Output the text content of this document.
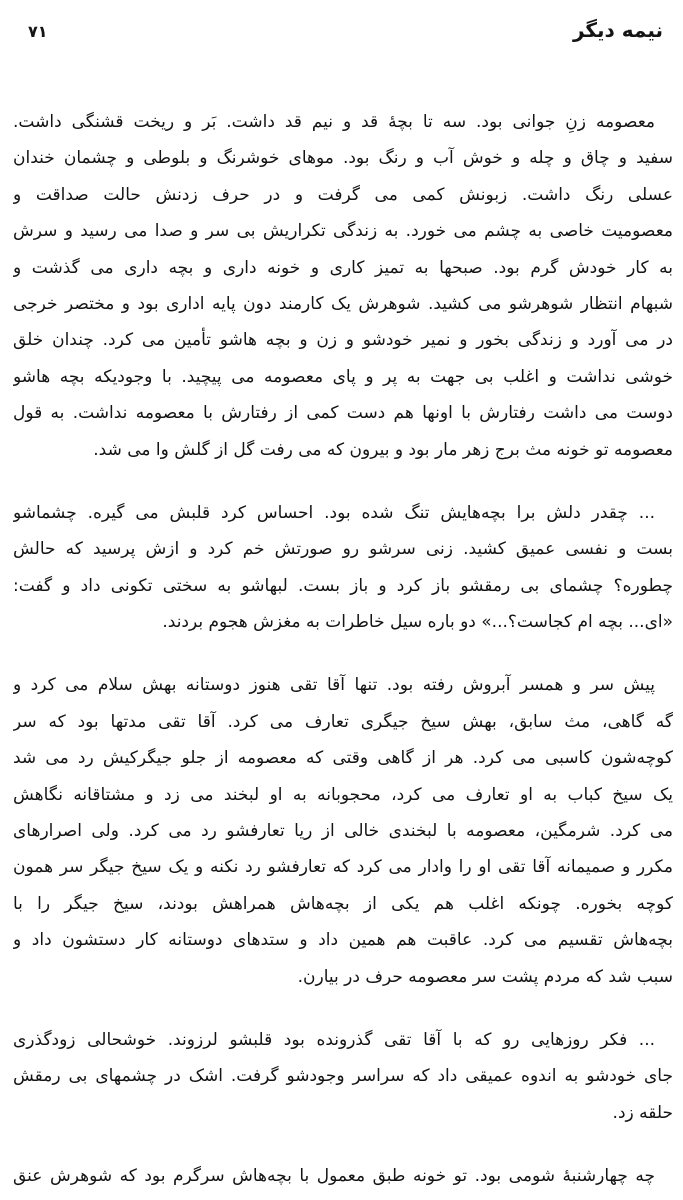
نیمه دیگر
۷۱
معصومه زنِ جوانی بود. سه تا بچهٔ قد و نیم قد داشت. بَر و ریخت قشنگی داشت.
سفید و چاق و چله و خوش آب و رنگ بود. موهای خوشرنگ و بلوطی و چشمان خندان
عسلی رنگ داشت. زبونش کمی می گرفت و در حرف زدنش حالت صداقت و
معصومیت خاصی به چشم می خورد. به زندگی تکراریش بی سر و صدا می رسید و سرش
به کار خودش گرم بود. صبحها به تمیز کاری و خونه داری و بچه داری می گذشت و
شبهام انتظار شوهرشو می کشید. شوهرش یک کارمند دون پایه اداری بود و مختصر خرجی
در می آورد و زندگی بخور و نمیر خودشو و زن و بچه هاشو تأمین می کرد. چندان خلق
خوشی نداشت و اغلب بی جهت به پر و پای معصومه می پیچید. با وجودیکه بچه هاشو
دوست می داشت رفتارش با اونها هم دست کمی از رفتارش با معصومه نداشت. به قول
معصومه تو خونه مث برج زهر مار بود و بیرون که می رفت گل از گلش وا می شد.
... چقدر دلش برا بچه‌هایش تنگ شده بود. احساس کرد قلبش می گیره. چشماشو
بست و نفسی عمیق کشید. زنی سرشو رو صورتش خم کرد و ازش پرسید که حالش
چطوره؟ چشمای بی رمقشو باز کرد و باز بست. لبهاشو به سختی تکونی داد و گفت:
«ای... بچه ام کجاست؟...» دو باره سیل خاطرات به مغزش هجوم بردند.
پیش سر و همسر آبروش رفته بود. تنها آقا تقی هنوز دوستانه بهش سلام می کرد و
گه گاهی، مث سابق، بهش سیخ جیگری تعارف می کرد. آقا تقی مدتها بود که سر
کوچه‌شون کاسبی می کرد. هر از گاهی وقتی که معصومه از جلو جیگرکیش رد می شد
یک سیخ کباب به او تعارف می کرد، محجوبانه به او لبخند می زد و مشتاقانه نگاهش
می کرد. شرمگین، معصومه با لبخندی خالی از ریا تعارفشو رد می کرد. ولی اصرارهای
مکرر و صمیمانه آقا تقی او را وادار می کرد که تعارفشو رد نکنه و یک سیخ جیگر سر همون
کوچه بخوره. چونکه اغلب هم یکی از بچه‌هاش همراهش بودند، سیخ جیگر را با
بچه‌هاش تقسیم می کرد. عاقبت هم همین داد و ستدهای دوستانه کار دستشون داد و
سبب شد که مردم پشت سر معصومه حرف در بیارن.
... فکر روزهایی رو که با آقا تقی گذرونده بود قلبشو لرزوند. خوشحالی زودگذری
جای خودشو به اندوه عمیقی داد که سراسر وجودشو گرفت. اشک در چشمهای بی رمقش
حلقه زد.
چه چهارشنبهٔ شومی بود. تو خونه طبق معمول با بچه‌هاش سرگرم بود که شوهرش عنق
